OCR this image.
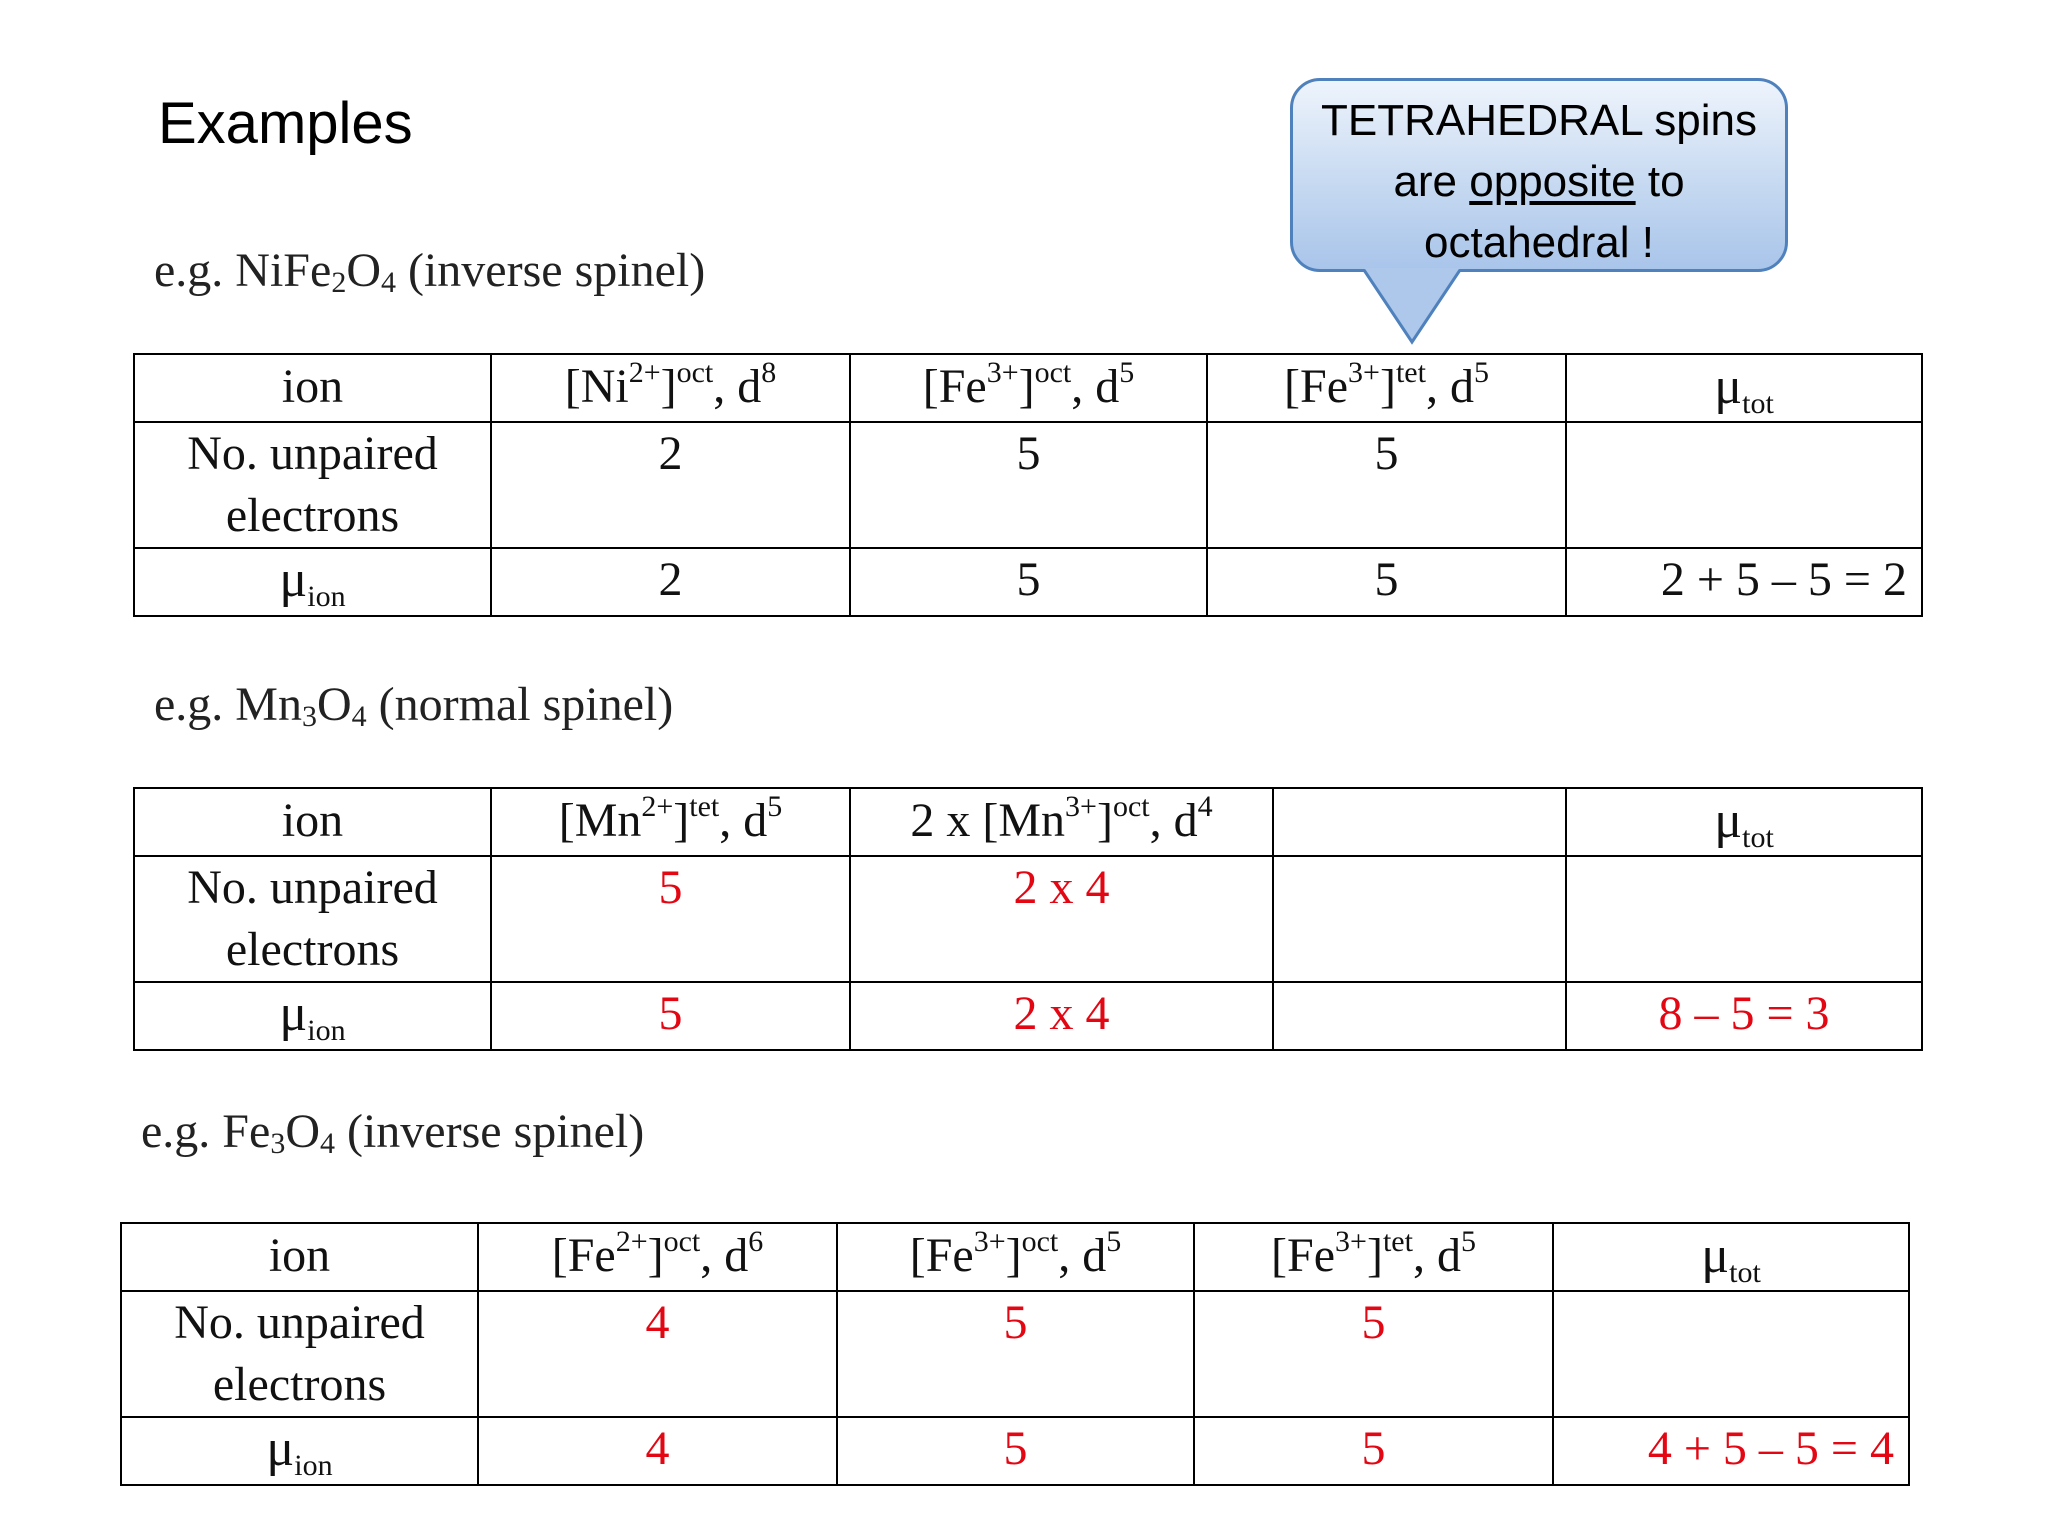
Examples	TETRAHEDRAL spins
are opposite to
octahedral !
e.g. $NiFe_2O_4$ (inverse spinel)
ion	$[Ni^{2+}]^{oct}$, $d^8$	$[Fe^{3+}]^{oct}$, $d^5$	$[Fe^{3+}]^{tet}$, $d^5$	$\mu_{tot}$
No. unpaired electrons	2	5	5	
$\mu_{ion}$	2	5	5	2 + 5 – 5 = 2
e.g. $Mn_3O_4$ (normal spinel)
ion	$[Mn^{2+}]^{tet}$, $d^5$	2 x $[Mn^{3+}]^{oct}$, $d^4$		$\mu_{tot}$
No. unpaired electrons	5	2 x 4		
$\mu_{ion}$	5	2 x 4		8 – 5 = 3
e.g. $Fe_3O_4$ (inverse spinel)
ion	$[Fe^{2+}]^{oct}$, $d^6$	$[Fe^{3+}]^{oct}$, $d^5$	$[Fe^{3+}]^{tet}$, $d^5$	$\mu_{tot}$
No. unpaired electrons	4	5	5	
$\mu_{ion}$	4	5	5	4 + 5 – 5 = 4
